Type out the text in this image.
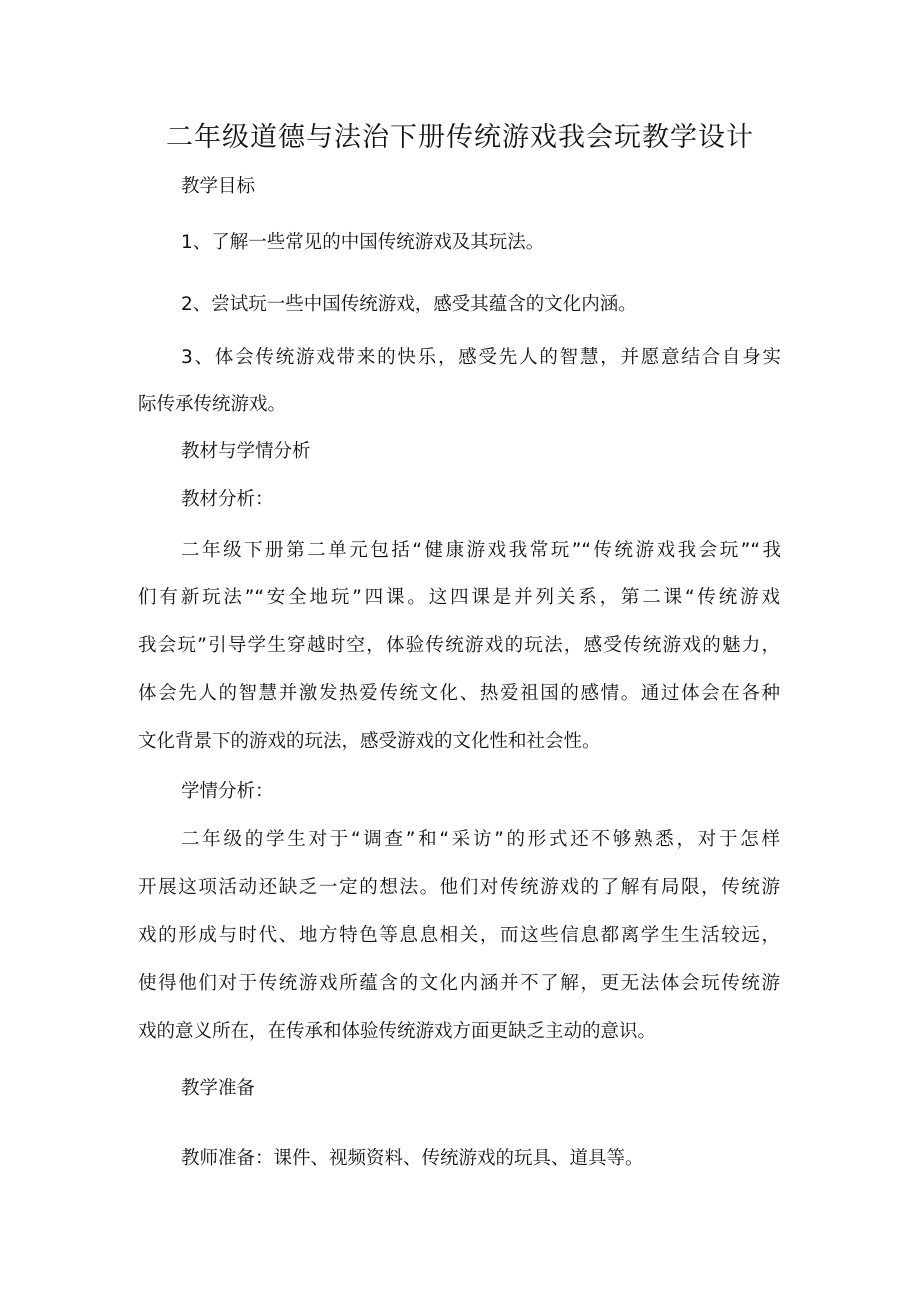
二年级道德与法治下册传统游戏我会玩教学设计
教学目标
1、了解一些常见的中国传统游戏及其玩法。
2、尝试玩一些中国传统游戏，感受其蕴含的文化内涵。
3、体会传统游戏带来的快乐，感受先人的智慧，并愿意结合自身实
际传承传统游戏。
教材与学情分析
教材分析：
二年级下册第二单元包括“健康游戏我常玩”“传统游戏我会玩”“我
们有新玩法”“安全地玩”四课。这四课是并列关系，第二课“传统游戏
我会玩”引导学生穿越时空，体验传统游戏的玩法，感受传统游戏的魅力，
体会先人的智慧并激发热爱传统文化、热爱祖国的感情。通过体会在各种
文化背景下的游戏的玩法，感受游戏的文化性和社会性。
学情分析：
二年级的学生对于“调查”和“采访”的形式还不够熟悉，对于怎样
开展这项活动还缺乏一定的想法。他们对传统游戏的了解有局限，传统游
戏的形成与时代、地方特色等息息相关，而这些信息都离学生生活较远，
使得他们对于传统游戏所蕴含的文化内涵并不了解，更无法体会玩传统游
戏的意义所在，在传承和体验传统游戏方面更缺乏主动的意识。
教学准备
教师准备：课件、视频资料、传统游戏的玩具、道具等。
